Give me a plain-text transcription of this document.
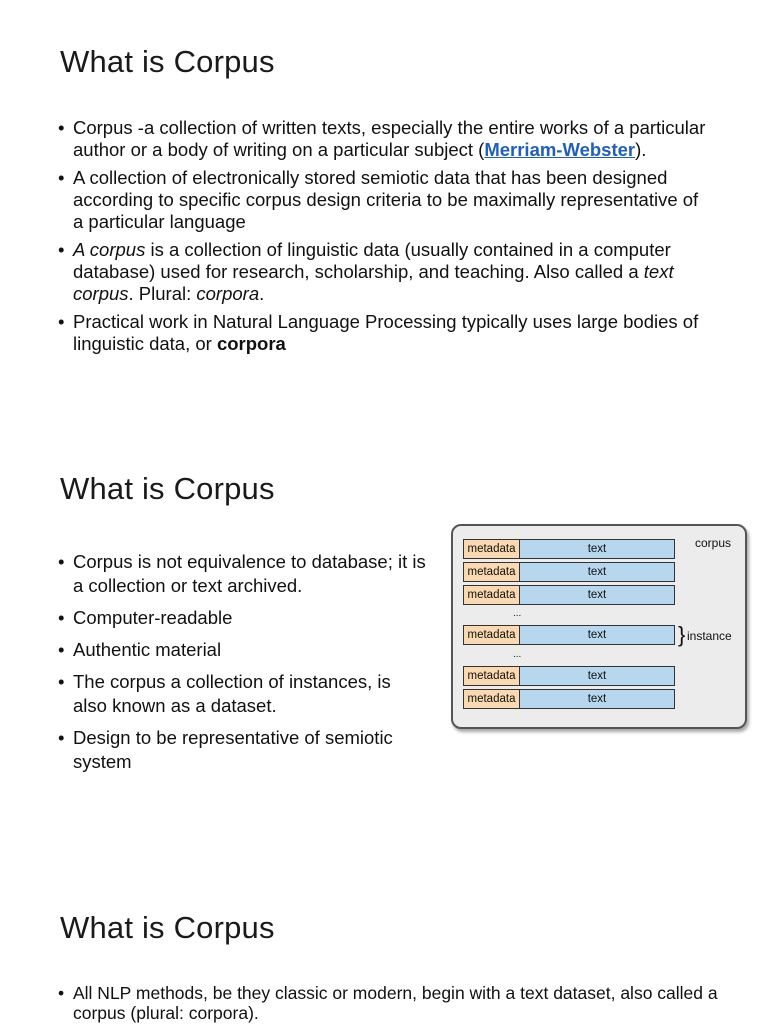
What is Corpus
• Corpus -a collection of written texts, especially the entire works of a particular author or a body of writing on a particular subject (Merriam-Webster).
• A collection of electronically stored semiotic data that has been designed according to specific corpus design criteria to be maximally representative of a particular language
• A corpus is a collection of linguistic data (usually contained in a computer database) used for research, scholarship, and teaching. Also called a text corpus. Plural: corpora.
• Practical work in Natural Language Processing typically uses large bodies of linguistic data, or corpora
What is Corpus
• Corpus is not equivalence to database; it is a collection or text archived.
• Computer-readable
• Authentic material
• The corpus a collection of instances, is also known as a dataset.
• Design to be representative of semiotic system
corpus
metadata	text
metadata	text
metadata	text
...
metadata	text	} instance
...
metadata	text
metadata	text
What is Corpus
• All NLP methods, be they classic or modern, begin with a text dataset, also called a corpus (plural: corpora).
